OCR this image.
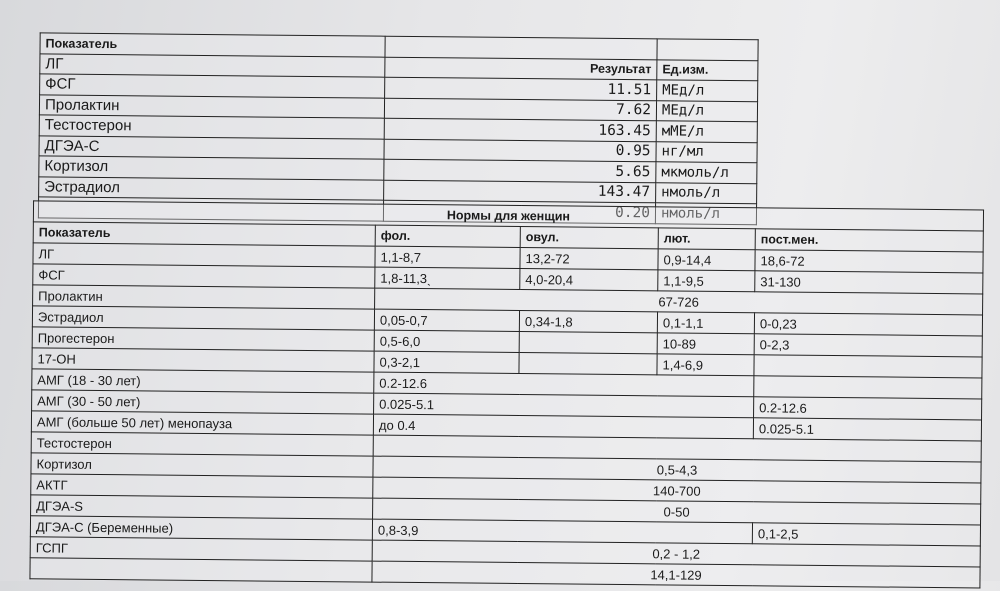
Показатель		
ЛГ	Результат	Ед.изм.
ФСГ	11.51	МЕд/л
Пролактин	7.62	МЕд/л
Тестостерон	163.45	мМЕ/л
ДГЭА-С	0.95	нг/мл
Кортизол	5.65	мкмоль/л
Эстрадиол	143.47	нмоль/л
	0.20	нмоль/л
Нормы для женщин				
Показатель	фол.	овул.	лют.	пост.мен.
ЛГ	1,1-8,7	13,2-72	0,9-14,4	18,6-72
ФСГ	1,8-11,3ˎ	4,0-20,4	1,1-9,5	31-130
Пролактин	67-726			
Эстрадиол	0,05-0,7	0,34-1,8	0,1-1,1	0-0,23
Прогестерон	0,5-6,0		10-89	0-2,3
17-ОН	0,3-2,1		1,4-6,9	
АМГ (18 - 30 лет)	0.2-12.6			
АМГ (30 - 50 лет)	0.025-5.1			0.2-12.6
АМГ (больше 50 лет) менопауза	до 0.4			0.025-5.1
Тестостерон				
Кортизол	0,5-4,3			
АКТГ	140-700			
ДГЭА-S	0-50			
ДГЭА-С (Беременные)	0,8-3,9			0,1-2,5
ГСПГ	0,2 - 1,2			
	14,1-129			
